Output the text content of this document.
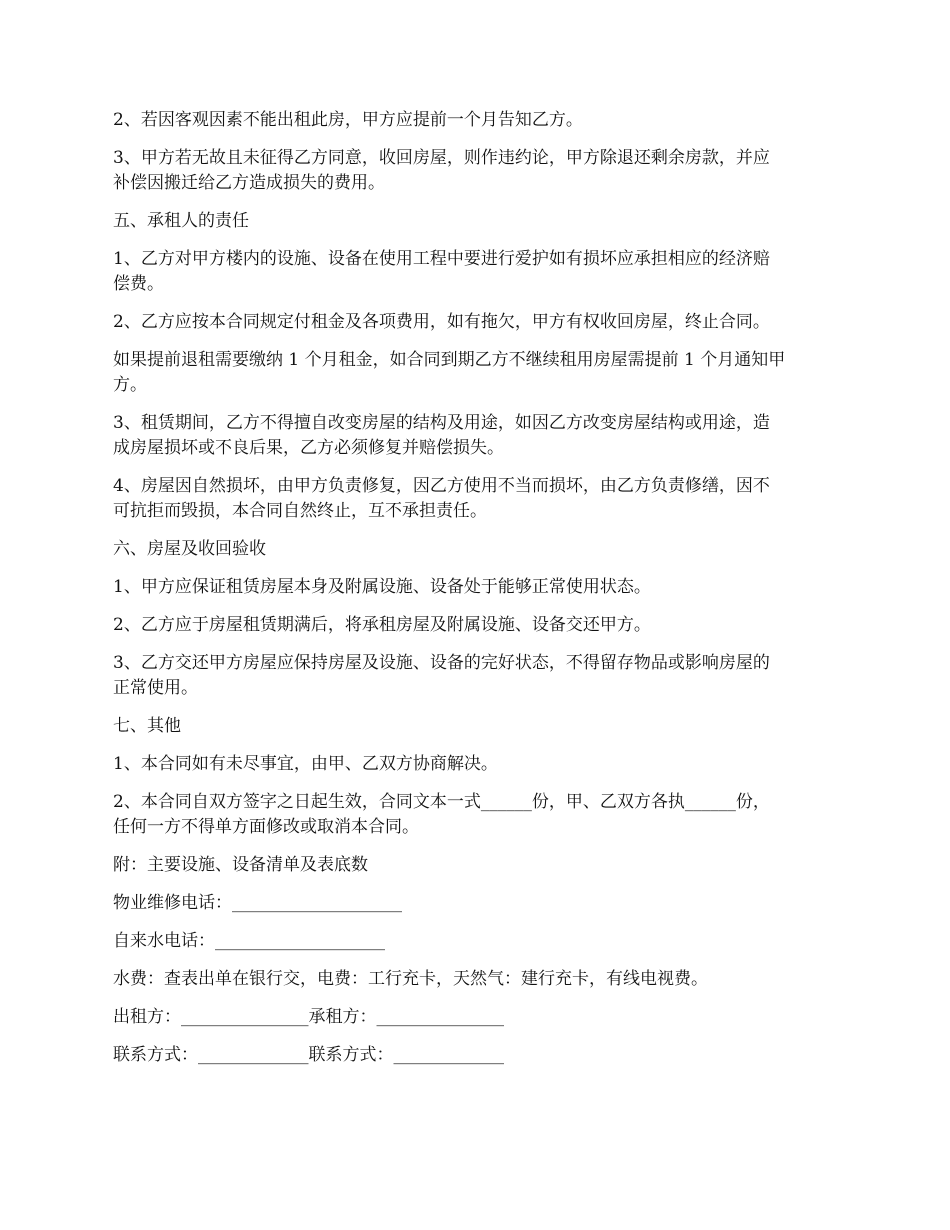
2、若因客观因素不能出租此房，甲方应提前一个月告知乙方。

3、甲方若无故且未征得乙方同意，收回房屋，则作违约论，甲方除退还剩余房款，并应
补偿因搬迁给乙方造成损失的费用。

五、承租人的责任

1、乙方对甲方楼内的设施、设备在使用工程中要进行爱护如有损坏应承担相应的经济赔
偿费。

2、乙方应按本合同规定付租金及各项费用，如有拖欠，甲方有权收回房屋，终止合同。

如果提前退租需要缴纳 1 个月租金，如合同到期乙方不继续租用房屋需提前 1 个月通知甲
方。

3、租赁期间，乙方不得擅自改变房屋的结构及用途，如因乙方改变房屋结构或用途，造
成房屋损坏或不良后果，乙方必须修复并赔偿损失。

4、房屋因自然损坏，由甲方负责修复，因乙方使用不当而损坏，由乙方负责修缮，因不
可抗拒而毁损，本合同自然终止，互不承担责任。

六、房屋及收回验收

1、甲方应保证租赁房屋本身及附属设施、设备处于能够正常使用状态。

2、乙方应于房屋租赁期满后，将承租房屋及附属设施、设备交还甲方。

3、乙方交还甲方房屋应保持房屋及设施、设备的完好状态，不得留存物品或影响房屋的
正常使用。

七、其他

1、本合同如有未尽事宜，由甲、乙双方协商解决。

2、本合同自双方签字之日起生效，合同文本一式______份，甲、乙双方各执______份，
任何一方不得单方面修改或取消本合同。

附：主要设施、设备清单及表底数

物业维修电话：____________________

自来水电话：____________________

水费：查表出单在银行交，电费：工行充卡，天然气：建行充卡，有线电视费。

出租方：_______________承租方：_______________

联系方式：_____________联系方式：_____________
